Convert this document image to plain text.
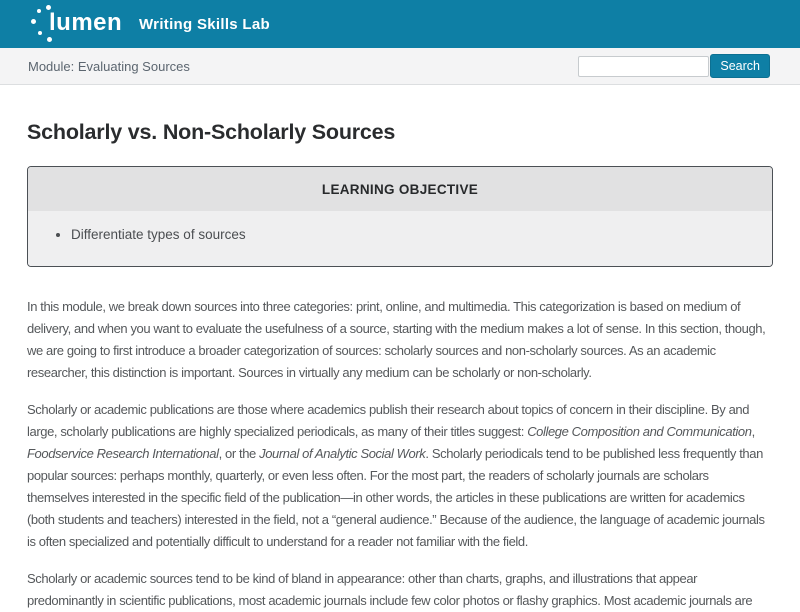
lumen Writing Skills Lab
Module: Evaluating Sources	Search
Scholarly vs. Non-Scholarly Sources
LEARNING OBJECTIVE
• Differentiate types of sources

In this module, we break down sources into three categories: print, online, and multimedia. This categorization is based on medium of delivery, and when you want to evaluate the usefulness of a source, starting with the medium makes a lot of sense. In this section, though, we are going to first introduce a broader categorization of sources: scholarly sources and non-scholarly sources. As an academic researcher, this distinction is important. Sources in virtually any medium can be scholarly or non-scholarly.

Scholarly or academic publications are those where academics publish their research about topics of concern in their discipline. By and large, scholarly publications are highly specialized periodicals, as many of their titles suggest: College Composition and Communication, Foodservice Research International, or the Journal of Analytic Social Work. Scholarly periodicals tend to be published less frequently than popular sources: perhaps monthly, quarterly, or even less often. For the most part, the readers of scholarly journals are scholars themselves interested in the specific field of the publication—in other words, the articles in these publications are written for academics (both students and teachers) interested in the field, not a “general audience.” Because of the audience, the language of academic journals is often specialized and potentially difficult to understand for a reader not familiar with the field.

Scholarly or academic sources tend to be kind of bland in appearance: other than charts, graphs, and illustrations that appear predominantly in scientific publications, most academic journals include few color photos or flashy graphics. Most academic journals are
